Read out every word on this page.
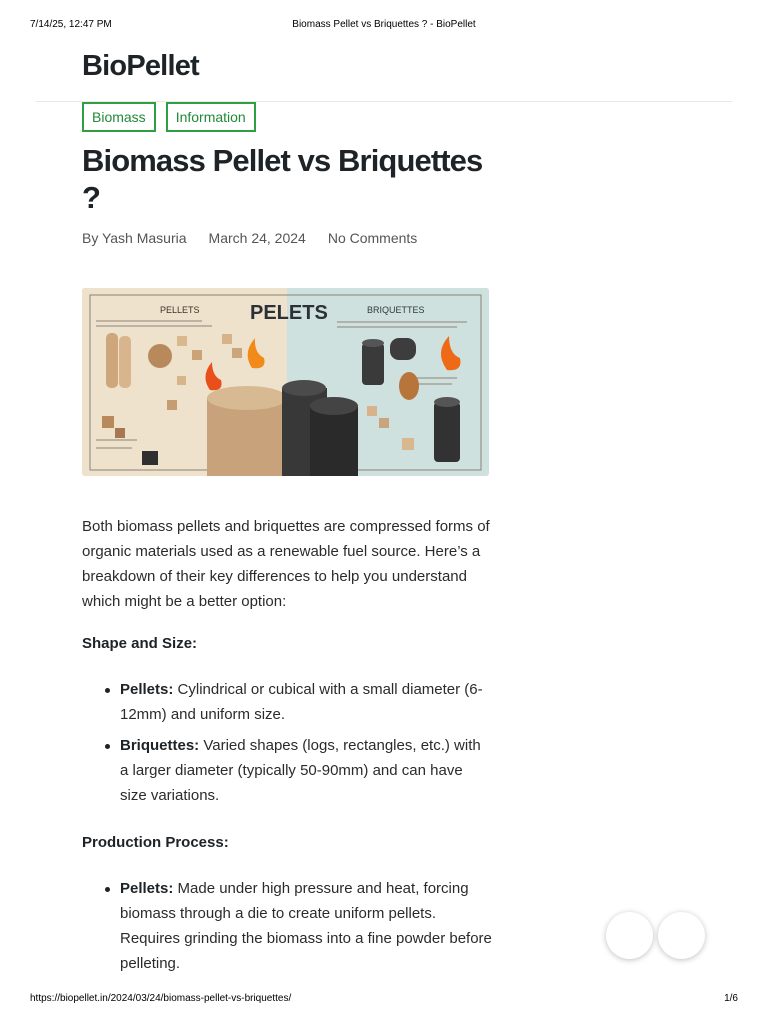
7/14/25, 12:47 PM	Biomass Pellet vs Briquettes ? - BioPellet
BioPellet
Biomass	Information
Biomass Pellet vs Briquettes ?
By Yash Masuria March 24, 2024 No Comments
PELLETS	PELETS	BRIQUETTES

Both biomass pellets and briquettes are compressed forms of organic materials used as a renewable fuel source. Here’s a breakdown of their key differences to help you understand which might be a better option:

Shape and Size:
Pellets: Cylindrical or cubical with a small diameter (6-12mm) and uniform size.
Briquettes: Varied shapes (logs, rectangles, etc.) with a larger diameter (typically 50-90mm) and can have size variations.
Production Process:
Pellets: Made under high pressure and heat, forcing biomass through a die to create uniform pellets. Requires grinding the biomass into a fine powder before pelleting.
https://biopellet.in/2024/03/24/biomass-pellet-vs-briquettes/	1/6
